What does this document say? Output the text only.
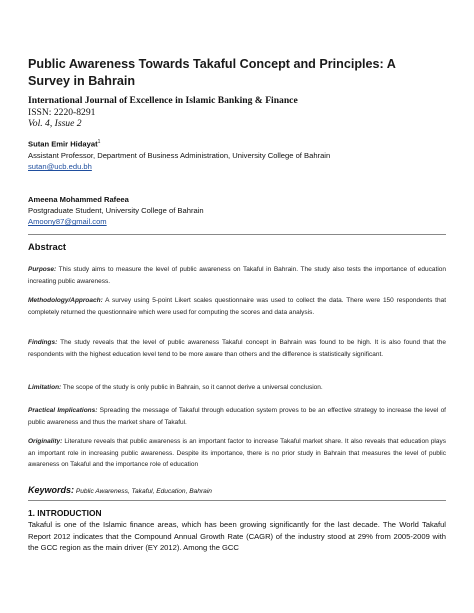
Public Awareness Towards Takaful Concept and Principles: A Survey in Bahrain
International Journal of Excellence in Islamic Banking & Finance
ISSN: 2220-8291
Vol. 4, Issue 2
Sutan Emir Hidayat$^1$
Assistant Professor, Department of Business Administration, University College of Bahrain
sutan@ucb.edu.bh
Ameena Mohammed Rafeea
Postgraduate Student, University College of Bahrain
Amoony87@gmail.com
Abstract
Purpose: This study aims to measure the level of public awareness on Takaful in Bahrain. The study also tests the importance of education increating public awareness.
Methodology/Approach: A survey using 5-point Likert scales questionnaire was used to collect the data. There were 150 respondents that completely returned the questionnaire which were used for computing the scores and data analysis.
Findings: The study reveals that the level of public awareness Takaful concept in Bahrain was found to be high. It is also found that the respondents with the highest education level tend to be more aware than others and the difference is statistically significant.
Limitation: The scope of the study is only public in Bahrain, so it cannot derive a universal conclusion.
Practical Implications: Spreading the message of Takaful through education system proves to be an effective strategy to increase the level of public awareness and thus the market share of Takaful.
Originality: Literature reveals that public awareness is an important factor to increase Takaful market share. It also reveals that education plays an important role in increasing public awareness. Despite its importance, there is no prior study in Bahrain that measures the level of public awareness on Takaful and the importance role of education
Keywords: Public Awareness, Takaful, Education, Bahrain
1. INTRODUCTION
Takaful is one of the Islamic finance areas, which has been growing significantly for the last decade. The World Takaful Report 2012 indicates that the Compound Annual Growth Rate (CAGR) of the industry stood at 29% from 2005-2009 with the GCC region as the main driver (EY 2012). Among the GCC
